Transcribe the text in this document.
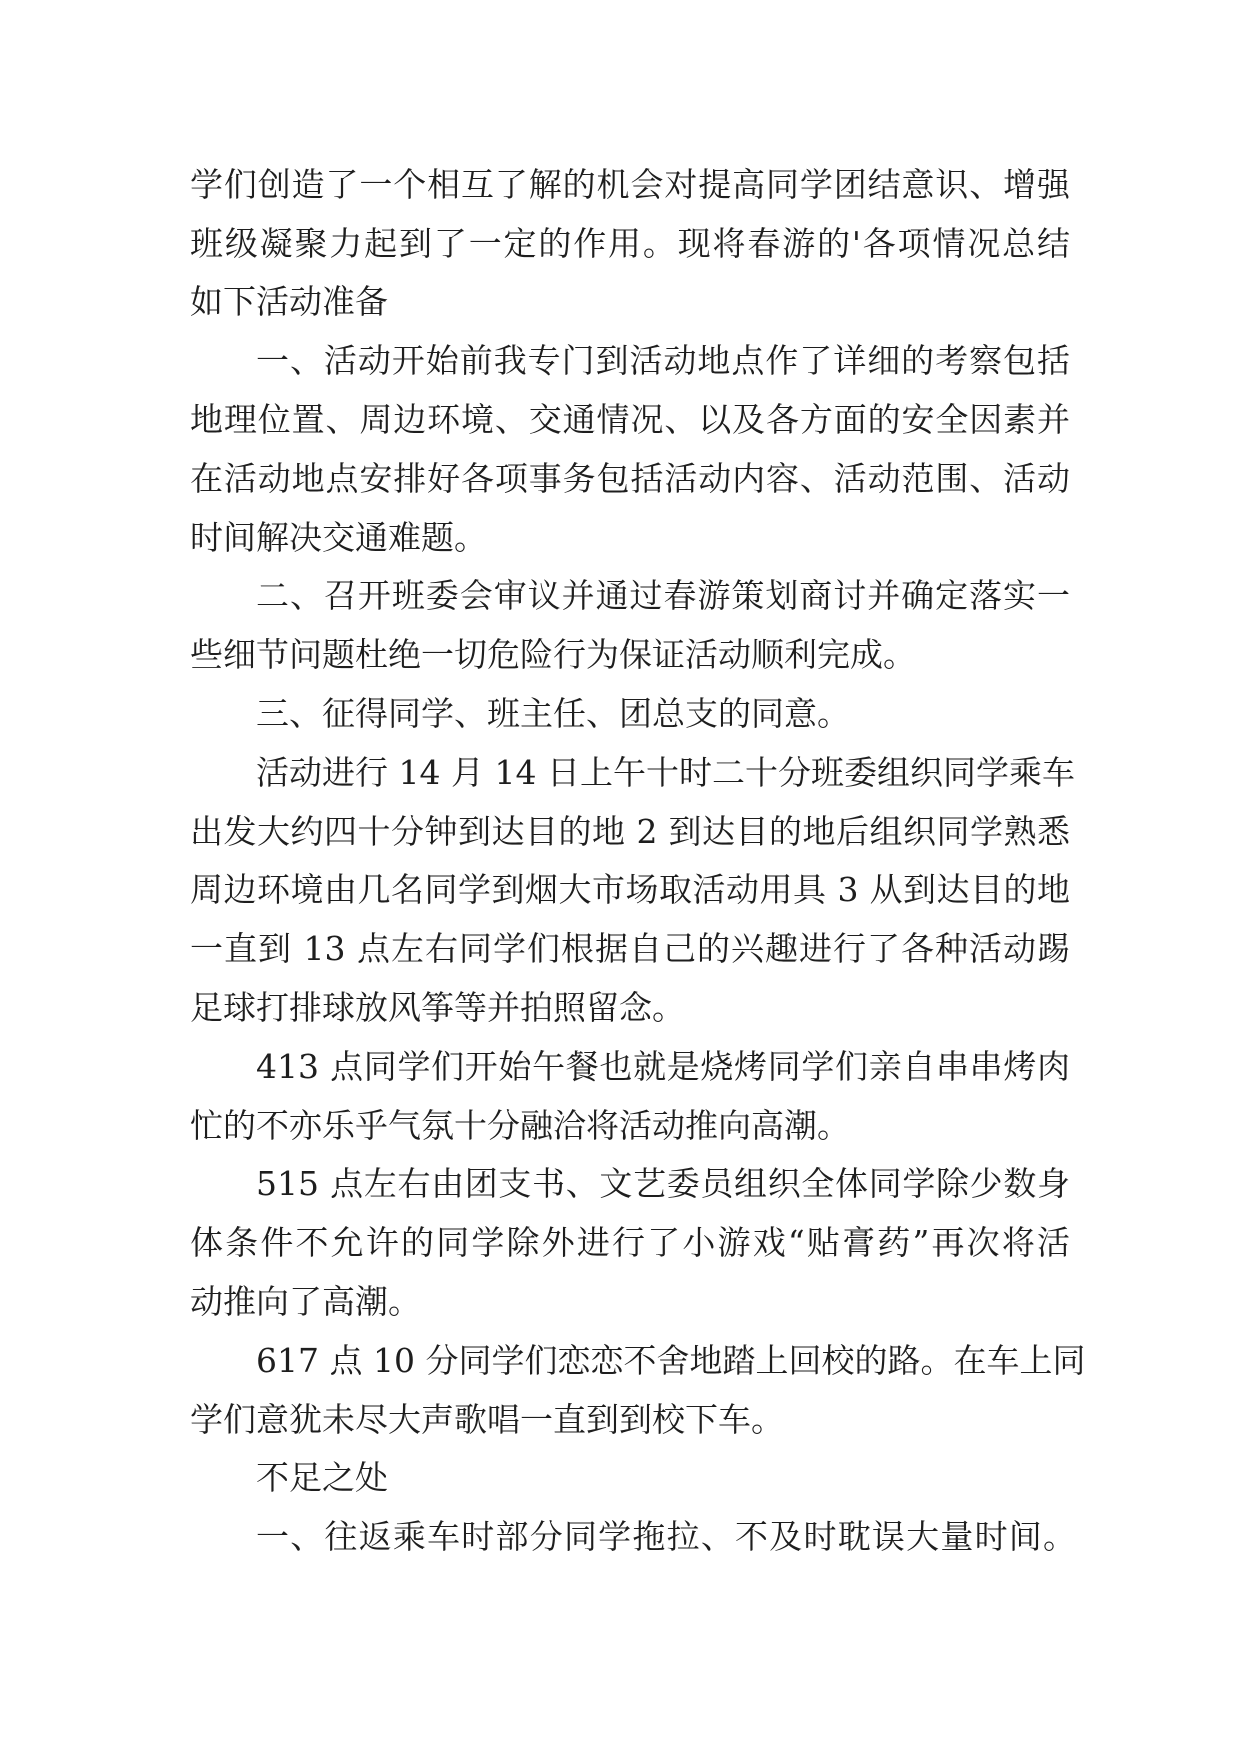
学们创造了一个相互了解的机会对提高同学团结意识、增强
班级凝聚力起到了一定的作用。现将春游的'各项情况总结
如下活动准备
一、活动开始前我专门到活动地点作了详细的考察包括
地理位置、周边环境、交通情况、以及各方面的安全因素并
在活动地点安排好各项事务包括活动内容、活动范围、活动
时间解决交通难题。
二、召开班委会审议并通过春游策划商讨并确定落实一
些细节问题杜绝一切危险行为保证活动顺利完成。
三、征得同学、班主任、团总支的同意。
活动进行 14 月 14 日上午十时二十分班委组织同学乘车
出发大约四十分钟到达目的地 2 到达目的地后组织同学熟悉
周边环境由几名同学到烟大市场取活动用具 3 从到达目的地
一直到 13 点左右同学们根据自己的兴趣进行了各种活动踢
足球打排球放风筝等并拍照留念。
413 点同学们开始午餐也就是烧烤同学们亲自串串烤肉
忙的不亦乐乎气氛十分融洽将活动推向高潮。
515 点左右由团支书、文艺委员组织全体同学除少数身
体条件不允许的同学除外进行了小游戏“贴膏药”再次将活
动推向了高潮。
617 点 10 分同学们恋恋不舍地踏上回校的路。在车上同
学们意犹未尽大声歌唱一直到到校下车。
不足之处
一、往返乘车时部分同学拖拉、不及时耽误大量时间。
